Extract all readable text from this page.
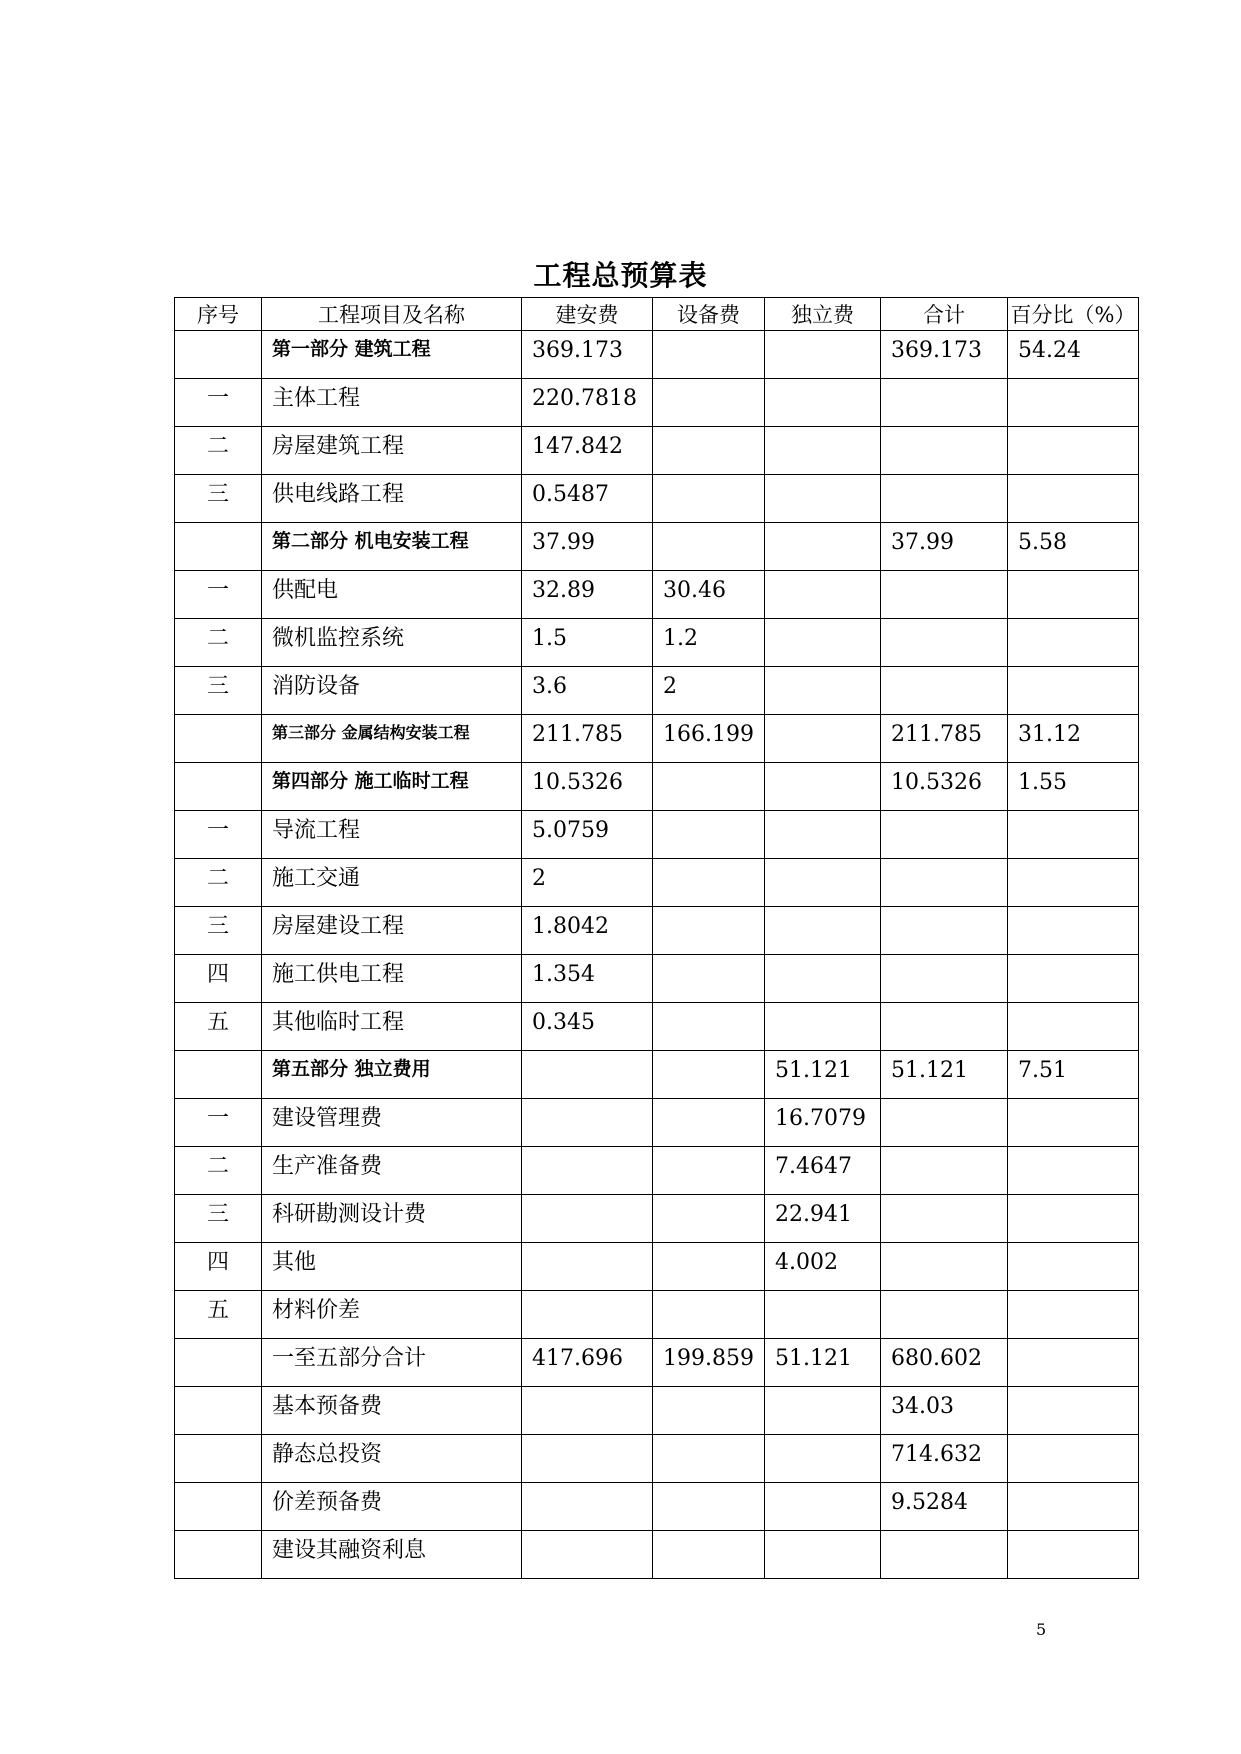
工程总预算表
序号	工程项目及名称	建安费	设备费	独立费	合计	百分比（%）

	第一部分 建筑工程	369.173			369.173	54.24

一	主体工程	220.7818				

二	房屋建筑工程	147.842				

三	供电线路工程	0.5487				

	第二部分 机电安装工程	37.99			37.99	5.58

一	供配电	32.89	30.46			

二	微机监控系统	1.5	1.2			

三	消防设备	3.6	2			

	第三部分 金属结构安装工程	211.785	166.199		211.785	31.12

	第四部分 施工临时工程	10.5326			10.5326	1.55

一	导流工程	5.0759				

二	施工交通	2				

三	房屋建设工程	1.8042				

四	施工供电工程	1.354				

五	其他临时工程	0.345				

	第五部分 独立费用			51.121	51.121	7.51

一	建设管理费			16.7079		

二	生产准备费			7.4647		

三	科研勘测设计费			22.941		

四	其他			4.002		

五	材料价差					

	一至五部分合计	417.696	199.859	51.121	680.602	

	基本预备费				34.03	

	静态总投资				714.632	

	价差预备费				9.5284	

	建设其融资利息					

5
